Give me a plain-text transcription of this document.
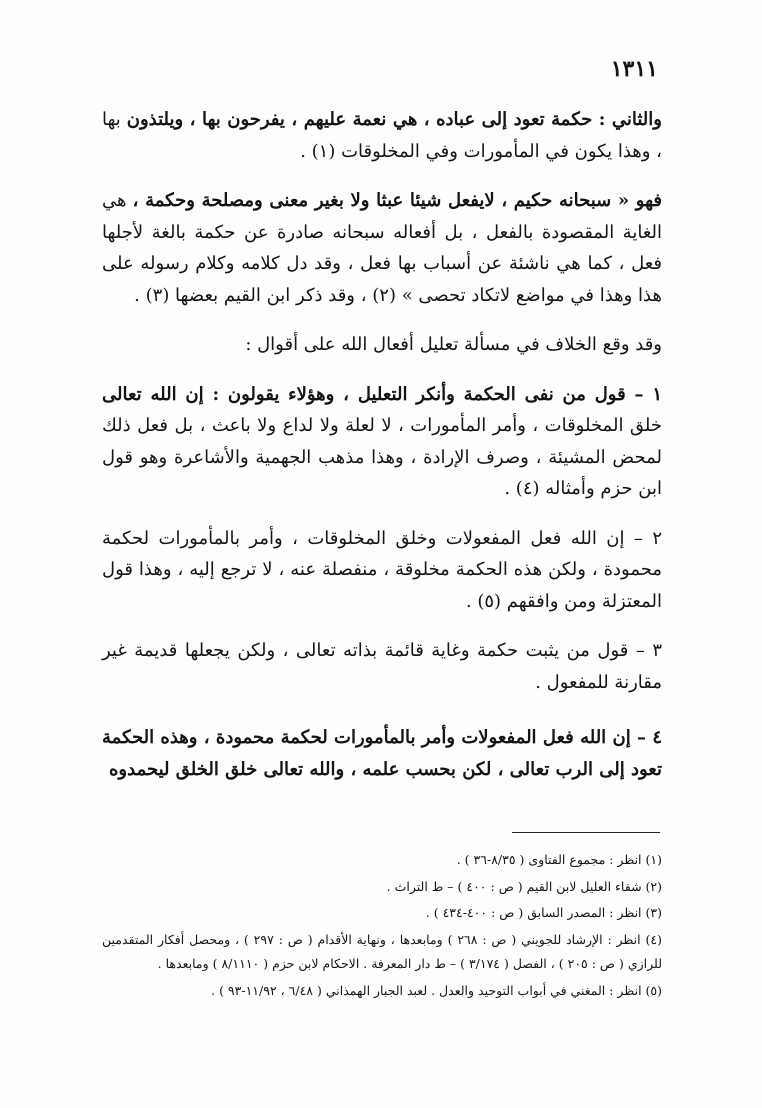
١٣١١

والثاني : حكمة تعود إلى عباده ، هي نعمة عليهم ، يفرحون بها ، ويلتذون بها ، وهذا يكون في المأمورات وفي المخلوقات (١) .

فهو « سبحانه حكيم ، لايفعل شيئا عبثا ولا بغير معنى ومصلحة وحكمة ، هي الغاية المقصودة بالفعل ، بل أفعاله سبحانه صادرة عن حكمة بالغة لأجلها فعل ، كما هي ناشئة عن أسباب بها فعل ، وقد دل كلامه وكلام رسوله على هذا وهذا في مواضع لاتكاد تحصى » (٢) ، وقد ذكر ابن القيم بعضها (٣) .

وقد وقع الخلاف في مسألة تعليل أفعال الله على أقوال :

١ – قول من نفى الحكمة وأنكر التعليل ، وهؤلاء يقولون : إن الله تعالى خلق المخلوقات ، وأمر المأمورات ، لا لعلة ولا لداع ولا باعث ، بل فعل ذلك لمحض المشيئة ، وصرف الإرادة ، وهذا مذهب الجهمية والأشاعرة وهو قول ابن حزم وأمثاله (٤) .

٢ – إن الله فعل المفعولات وخلق المخلوقات ، وأمر بالمأمورات لحكمة محمودة ، ولكن هذه الحكمة مخلوقة ، منفصلة عنه ، لا ترجع إليه ، وهذا قول المعتزلة ومن وافقهم (٥) .

٣ – قول من يثبت حكمة وغاية قائمة بذاته تعالى ، ولكن يجعلها قديمة غير مقارنة للمفعول .

٤ – إن الله فعل المفعولات وأمر بالمأمورات لحكمة محمودة ، وهذه الحكمة تعود إلى الرب تعالى ، لكن بحسب علمه ، والله تعالى خلق الخلق ليحمدوه

(١) انظر : مجموع الفتاوى ( ٨/٣٥-٣٦ ) .

(٢) شفاء العليل لابن القيم ( ص : ٤٠٠ ) – ط التراث .

(٣) انظر : المصدر السابق ( ص : ٤٠٠-٤٣٤ ) .

(٤) انظر : الإرشاد للجويني ( ص : ٢٦٨ ) ومابعدها ، ونهاية الأقدام ( ص : ٢٩٧ ) ، ومحصل أفكار المتقدمين للرازي ( ص : ٢٠٥ ) ، الفصل ( ٣/١٧٤ ) – ط دار المعرفة . الاحكام لابن حزم ( ٨/١١١٠ ) ومابعدها .

(٥) انظر : المغني في أبواب التوحيد والعدل . لعبد الجبار الهمذاني ( ٦/٤٨ ، ١١/٩٢-٩٣ ) .
